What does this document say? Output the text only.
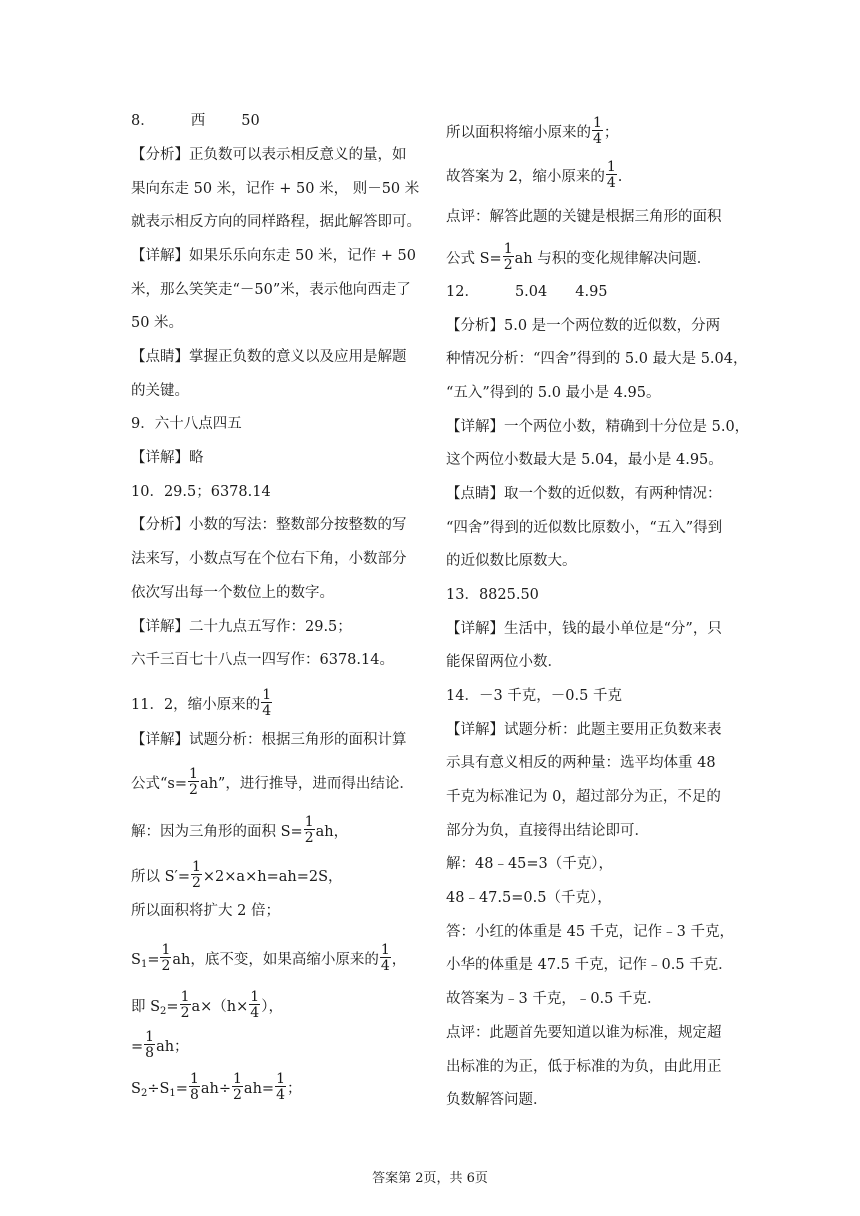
8． 西 50
【分析】正负数可以表示相反意义的量，如
果向东走 50 米，记作 + 50 米， 则－50 米
就表示相反方向的同样路程，据此解答即可。
【详解】如果乐乐向东走 50 米，记作 + 50
米，那么笑笑走“－50”米，表示他向西走了
50 米。
【点睛】掌握正负数的意义以及应用是解题
的关键。
9．六十八点四五
【详解】略
10．29.5；6378.14
【分析】小数的写法：整数部分按整数的写
法来写，小数点写在个位右下角，小数部分
依次写出每一个数位上的数字。
【详解】二十九点五写作：29.5；
六千三百七十八点一四写作：6378.14。
11．2，缩小原来的 $\frac{1}{4}$
【详解】试题分析：根据三角形的面积计算
公式“$s= \frac{1}{2}$ ah”，进行推导，进而得出结论．
解：因为三角形的面积 $S= \frac{1}{2}$ ah，
所以 $S'= \frac{1}{2} \times 2\times a\times h=ah=2S$，
所以面积将扩大 2 倍；
$S_1= \frac{1}{2}$ ah，底不变，如果高缩小原来的 $\frac{1}{4}$ ，
即 $S_2= \frac{1}{2} a\times(h\times \frac{1}{4}$ ），
= $\frac{1}{8}$ ah；
$S_2\div S_1= \frac{1}{8} ah\div \frac{1}{2} ah= \frac{1}{4}$ ；
所以面积将缩小原来的 $\frac{1}{4}$ ；
故答案为 2，缩小原来的 $\frac{1}{4}$ .
点评：解答此题的关键是根据三角形的面积
公式 $S= \frac{1}{2}$ ah 与积的变化规律解决问题．
12． 5.04 4.95
【分析】5.0 是一个两位数的近似数，分两
种情况分析：“四舍”得到的 5.0 最大是 5.04，
“五入”得到的 5.0 最小是 4.95。
【详解】一个两位小数，精确到十分位是 5.0，
这个两位小数最大是 5.04，最小是 4.95。
【点睛】取一个数的近似数，有两种情况：
“四舍”得到的近似数比原数小，“五入”得到
的近似数比原数大。
13．8825.50
【详解】生活中，钱的最小单位是“分”，只
能保留两位小数．
14．－3 千克，－0.5 千克
【详解】试题分析：此题主要用正负数来表
示具有意义相反的两种量：选平均体重 48
千克为标准记为 0，超过部分为正，不足的
部分为负，直接得出结论即可．
解：48﹣45=3（千克），
48﹣47.5=0.5（千克），
答：小红的体重是 45 千克，记作﹣3 千克，
小华的体重是 47.5 千克，记作﹣0.5 千克．
故答案为﹣3 千克，﹣0.5 千克．
点评：此题首先要知道以谁为标准，规定超
出标准的为正，低于标准的为负，由此用正
负数解答问题．
答案第 2页，共 6页
